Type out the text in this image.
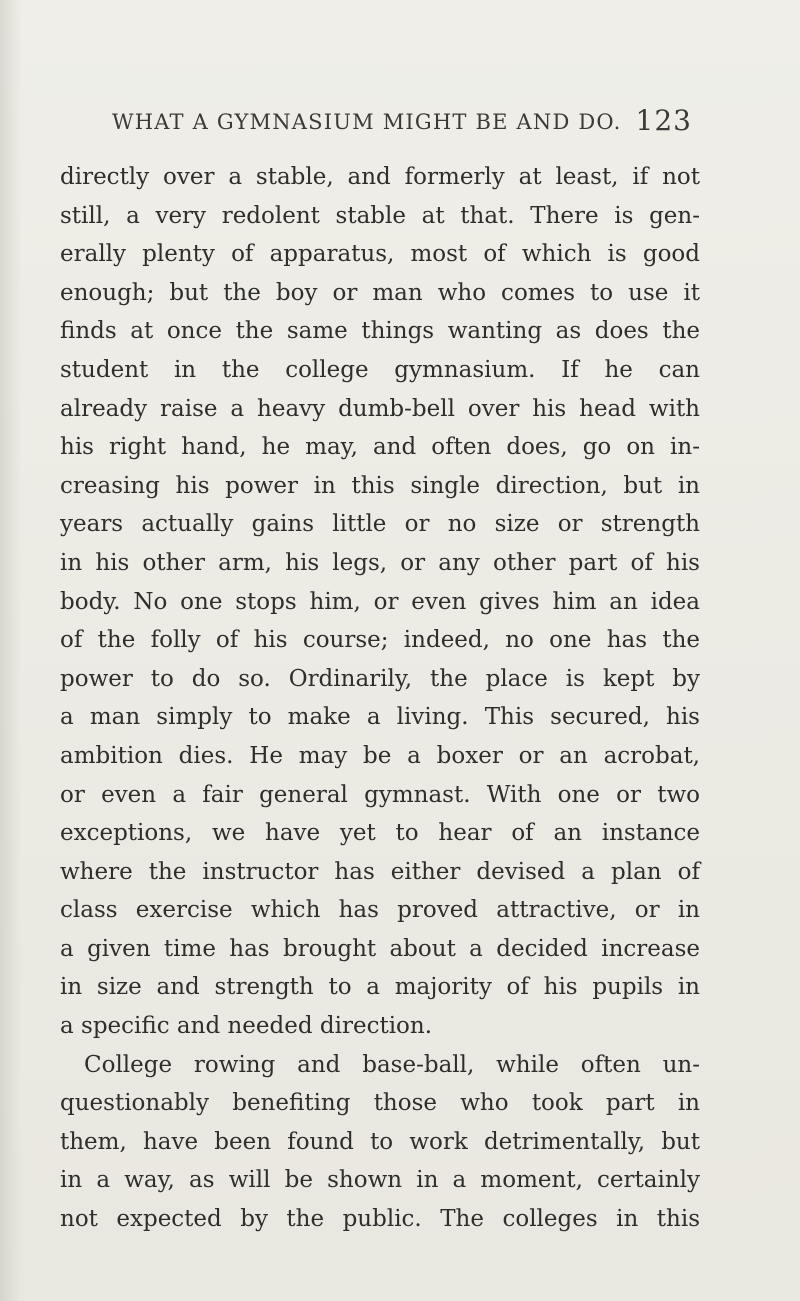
WHAT A GYMNASIUM MIGHT BE AND DO. 123
directly over a stable, and formerly at least, if not
still, a very redolent stable at that. There is gen-
erally plenty of apparatus, most of which is good
enough; but the boy or man who comes to use it
finds at once the same things wanting as does the
student in the college gymnasium. If he can
already raise a heavy dumb-bell over his head with
his right hand, he may, and often does, go on in-
creasing his power in this single direction, but in
years actually gains little or no size or strength
in his other arm, his legs, or any other part of his
body. No one stops him, or even gives him an idea
of the folly of his course; indeed, no one has the
power to do so. Ordinarily, the place is kept by
a man simply to make a living. This secured, his
ambition dies. He may be a boxer or an acrobat,
or even a fair general gymnast. With one or two
exceptions, we have yet to hear of an instance
where the instructor has either devised a plan of
class exercise which has proved attractive, or in
a given time has brought about a decided increase
in size and strength to a majority of his pupils in
a specific and needed direction.
College rowing and base-ball, while often un-
questionably benefiting those who took part in
them, have been found to work detrimentally, but
in a way, as will be shown in a moment, certainly
not expected by the public. The colleges in this
